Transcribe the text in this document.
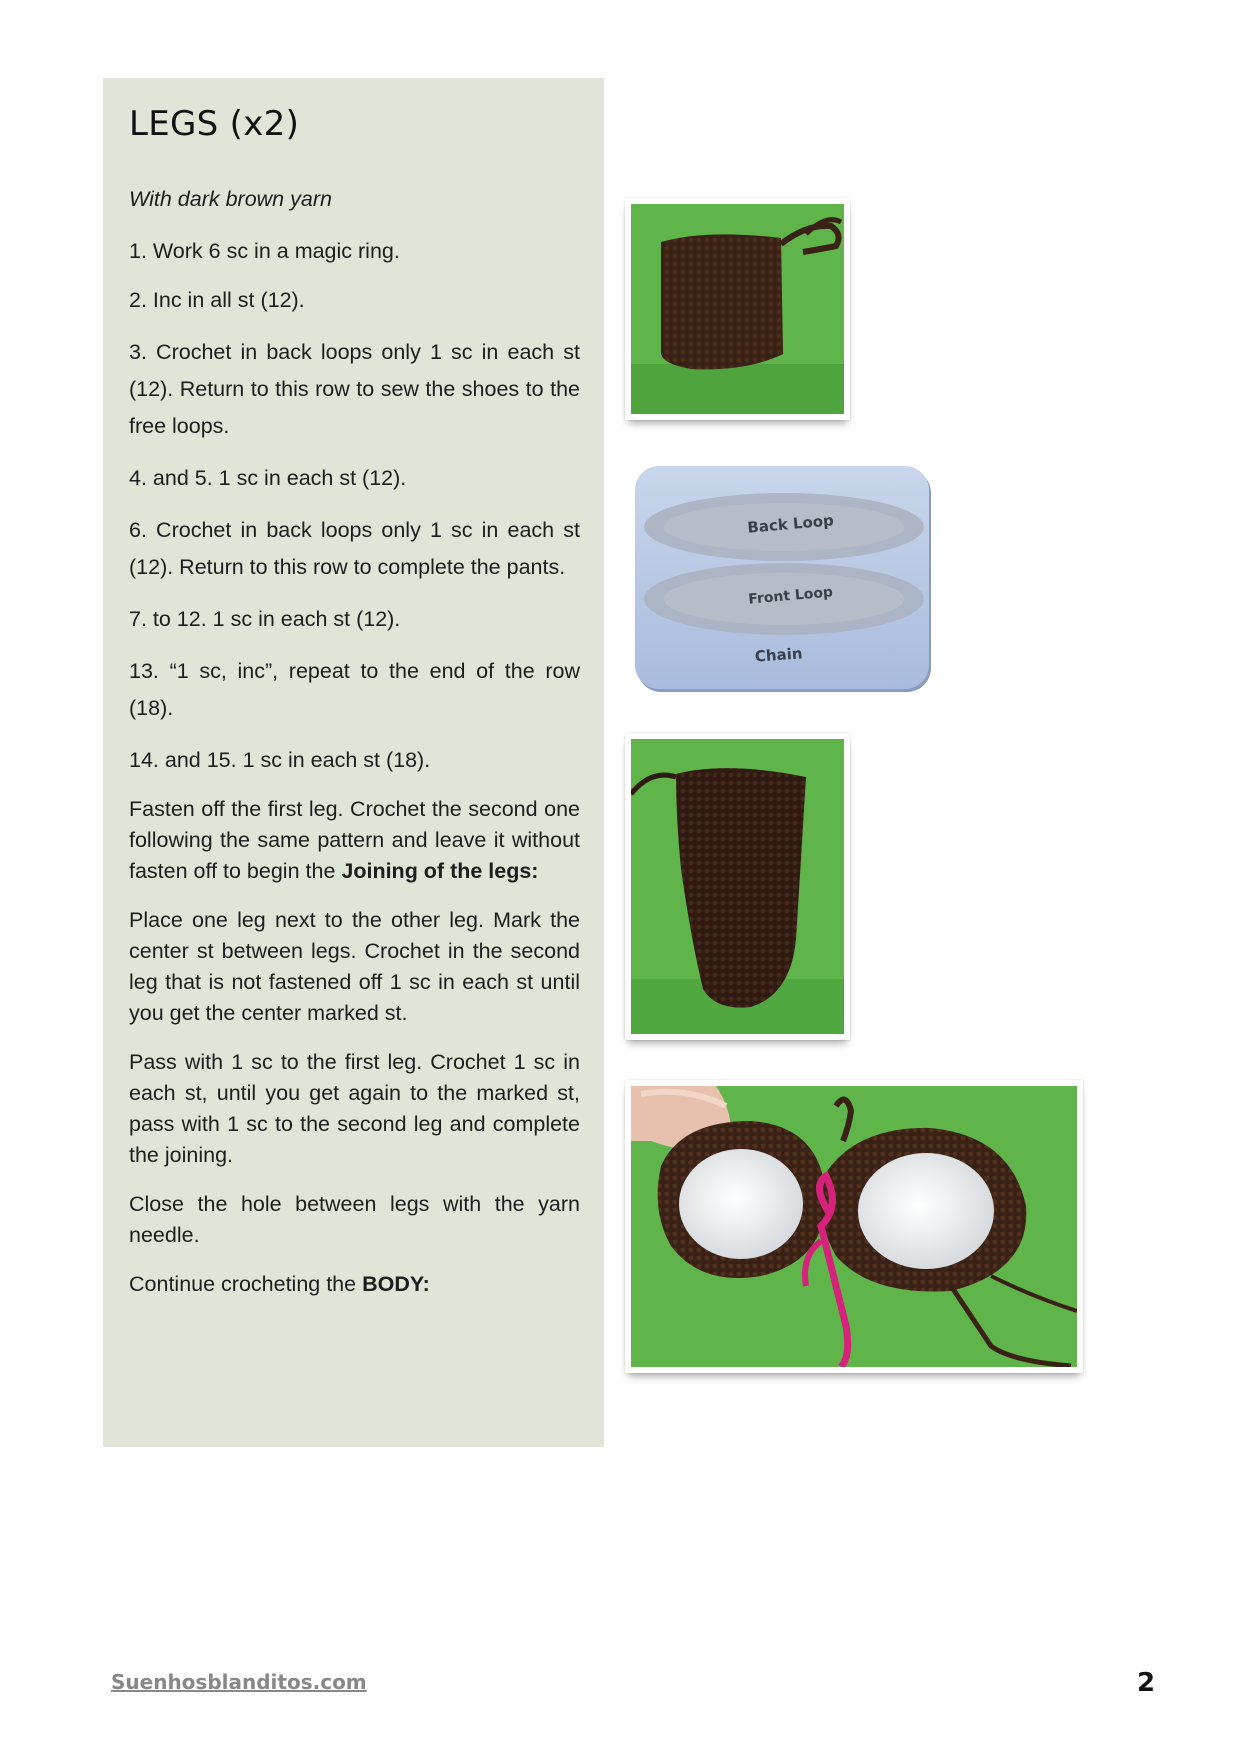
LEGS (x2)

With dark brown yarn

1. Work 6 sc in a magic ring.

2. Inc in all st (12).

3. Crochet in back loops only 1 sc in each st (12). Return to this row to sew the shoes to the free loops.

4. and 5. 1 sc in each st (12).

6. Crochet in back loops only 1 sc in each st (12). Return to this row to complete the pants.

7. to 12. 1 sc in each st (12).

13. “1 sc, inc”, repeat to the end of the row (18).

14. and 15. 1 sc in each st (18).

Fasten off the first leg. Crochet the second one following the same pattern and leave it without fasten off to begin the Joining of the legs:

Place one leg next to the other leg. Mark the center st between legs. Crochet in the second leg that is not fastened off 1 sc in each st until you get the center marked st.

Pass with 1 sc to the first leg. Crochet 1 sc in each st, until you get again to the marked st, pass with 1 sc to the second leg and complete the joining.

Close the hole between legs with the yarn needle.

Continue crocheting the BODY:

Back Loop
Front Loop
Chain
Suenhosblanditos.com	2
